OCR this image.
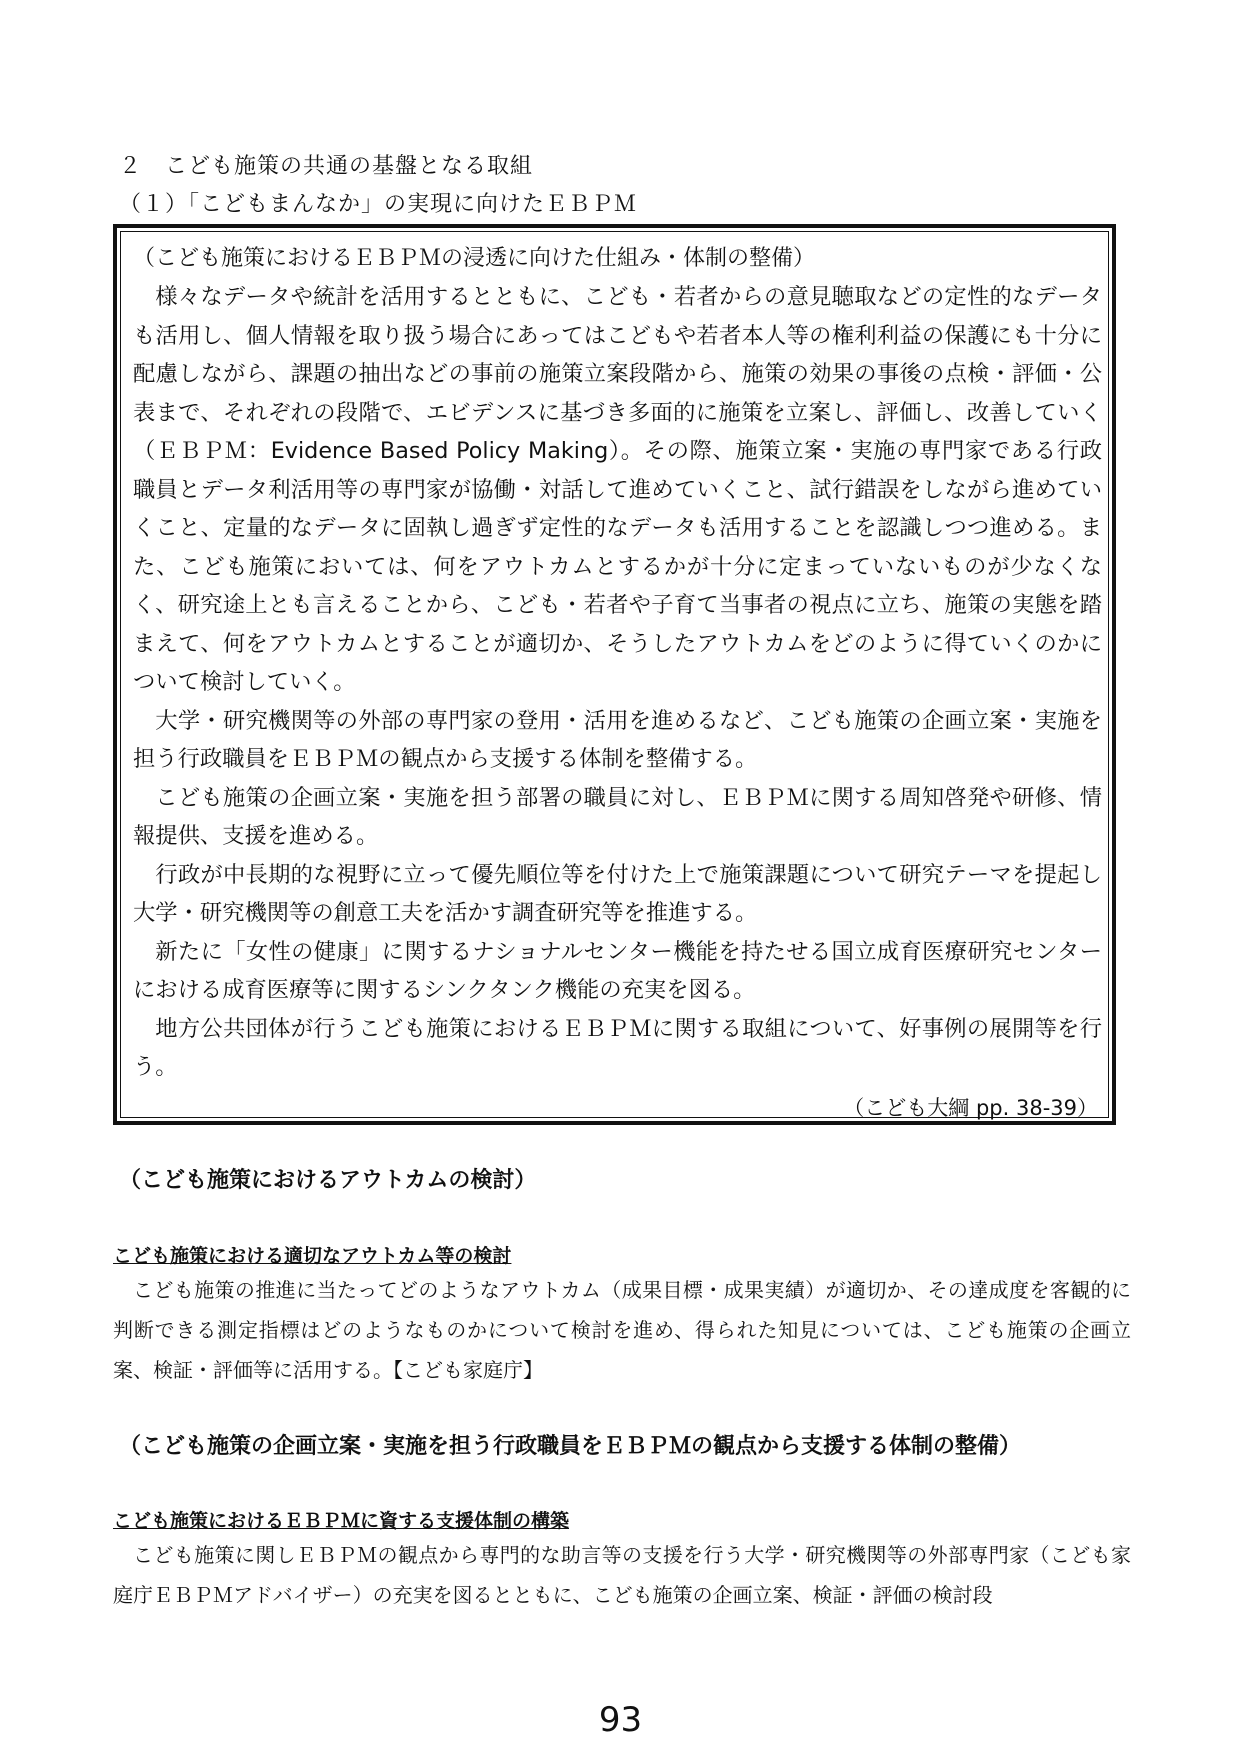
２　こども施策の共通の基盤となる取組
（１）「こどもまんなか」の実現に向けたＥＢＰＭ
（こども施策におけるＥＢＰＭの浸透に向けた仕組み・体制の整備）

様々なデータや統計を活用するとともに、こども・若者からの意見聴取などの定性的なデータも活用し、個人情報を取り扱う場合にあってはこどもや若者本人等の権利利益の保護にも十分に配慮しながら、課題の抽出などの事前の施策立案段階から、施策の効果の事後の点検・評価・公表まで、それぞれの段階で、エビデンスに基づき多面的に施策を立案し、評価し、改善していく（ＥＢＰＭ：Evidence Based Policy Making）。その際、施策立案・実施の専門家である行政職員とデータ利活用等の専門家が協働・対話して進めていくこと、試行錯誤をしながら進めていくこと、定量的なデータに固執し過ぎず定性的なデータも活用することを認識しつつ進める。また、こども施策においては、何をアウトカムとするかが十分に定まっていないものが少なくなく、研究途上とも言えることから、こども・若者や子育て当事者の視点に立ち、施策の実態を踏まえて、何をアウトカムとすることが適切か、そうしたアウトカムをどのように得ていくのかについて検討していく。

大学・研究機関等の外部の専門家の登用・活用を進めるなど、こども施策の企画立案・実施を担う行政職員をＥＢＰＭの観点から支援する体制を整備する。

こども施策の企画立案・実施を担う部署の職員に対し、ＥＢＰＭに関する周知啓発や研修、情報提供、支援を進める。

行政が中長期的な視野に立って優先順位等を付けた上で施策課題について研究テーマを提起し大学・研究機関等の創意工夫を活かす調査研究等を推進する。

新たに「女性の健康」に関するナショナルセンター機能を持たせる国立成育医療研究センターにおける成育医療等に関するシンクタンク機能の充実を図る。

地方公共団体が行うこども施策におけるＥＢＰＭに関する取組について、好事例の展開等を行う。

（こども大綱 pp. 38-39）
（こども施策におけるアウトカムの検討）
こども施策における適切なアウトカム等の検討

こども施策の推進に当たってどのようなアウトカム（成果目標・成果実績）が適切か、その達成度を客観的に判断できる測定指標はどのようなものかについて検討を進め、得られた知見については、こども施策の企画立案、検証・評価等に活用する。【こども家庭庁】

（こども施策の企画立案・実施を担う行政職員をＥＢＰＭの観点から支援する体制の整備）
こども施策におけるＥＢＰＭに資する支援体制の構築

こども施策に関しＥＢＰＭの観点から専門的な助言等の支援を行う大学・研究機関等の外部専門家（こども家庭庁ＥＢＰＭアドバイザー）の充実を図るとともに、こども施策の企画立案、検証・評価の検討段

93
